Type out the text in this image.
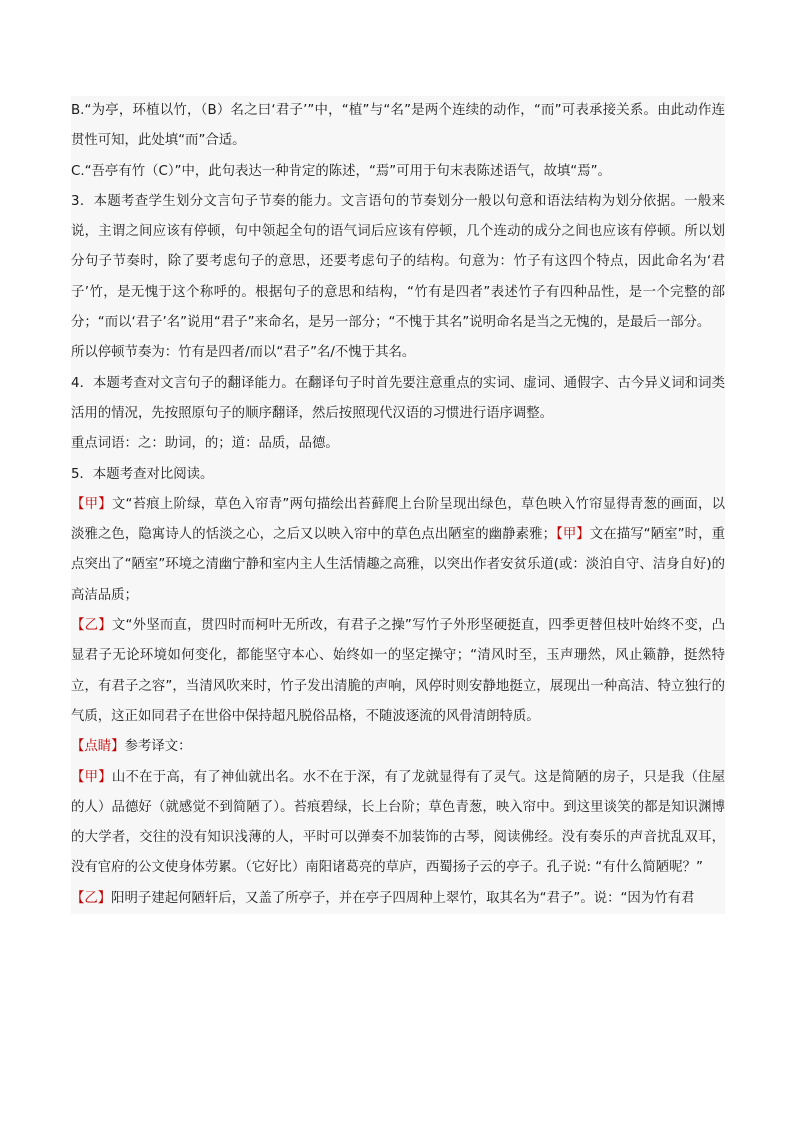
B.“为亭，环植以竹，（B）名之曰‘君子’”中，“植”与“名”是两个连续的动作，“而”可表承接关系。由此动作连贯性可知，此处填“而”合适。

C.“吾亭有竹（C）”中，此句表达一种肯定的陈述，“焉”可用于句末表陈述语气，故填“焉”。

3．本题考查学生划分文言句子节奏的能力。文言语句的节奏划分一般以句意和语法结构为划分依据。一般来说，主谓之间应该有停顿，句中领起全句的语气词后应该有停顿，几个连动的成分之间也应该有停顿。所以划分句子节奏时，除了要考虑句子的意思，还要考虑句子的结构。句意为：竹子有这四个特点，因此命名为‘君子’竹，是无愧于这个称呼的。根据句子的意思和结构，“竹有是四者”表述竹子有四种品性，是一个完整的部分；“而以‘君子’名”说用“君子”来命名，是另一部分；“不愧于其名”说明命名是当之无愧的，是最后一部分。

所以停顿节奏为：竹有是四者/而以“君子”名/不愧于其名。

4．本题考查对文言句子的翻译能力。在翻译句子时首先要注意重点的实词、虚词、通假字、古今异义词和词类活用的情况，先按照原句子的顺序翻译，然后按照现代汉语的习惯进行语序调整。

重点词语：之：助词，的；道：品质，品德。

5．本题考查对比阅读。

【甲】文“苔痕上阶绿，草色入帘青”两句描绘出苔藓爬上台阶呈现出绿色，草色映入竹帘显得青葱的画面，以淡雅之色，隐寓诗人的恬淡之心，之后又以映入帘中的草色点出陋室的幽静素雅；【甲】文在描写“陋室”时，重点突出了“陋室”环境之清幽宁静和室内主人生活情趣之高雅，以突出作者安贫乐道(或：淡泊自守、洁身自好)的高洁品质；

【乙】文“外坚而直，贯四时而柯叶无所改，有君子之操”写竹子外形坚硬挺直，四季更替但枝叶始终不变，凸显君子无论环境如何变化，都能坚守本心、始终如一的坚定操守；“清风时至，玉声珊然，风止籁静，挺然特立，有君子之容”，当清风吹来时，竹子发出清脆的声响，风停时则安静地挺立，展现出一种高洁、特立独行的气质，这正如同君子在世俗中保持超凡脱俗品格，不随波逐流的风骨清朗特质。

【点睛】参考译文：

【甲】山不在于高，有了神仙就出名。水不在于深，有了龙就显得有了灵气。这是简陋的房子，只是我（住屋的人）品德好（就感觉不到简陋了）。苔痕碧绿，长上台阶；草色青葱，映入帘中。到这里谈笑的都是知识渊博的大学者，交往的没有知识浅薄的人，平时可以弹奏不加装饰的古琴，阅读佛经。没有奏乐的声音扰乱双耳，没有官府的公文使身体劳累。（它好比）南阳诸葛亮的草庐，西蜀扬子云的亭子。孔子说: “有什么简陋呢？”

【乙】阳明子建起何陋轩后，又盖了所亭子，并在亭子四周种上翠竹，取其名为“君子”。说：“因为竹有君
